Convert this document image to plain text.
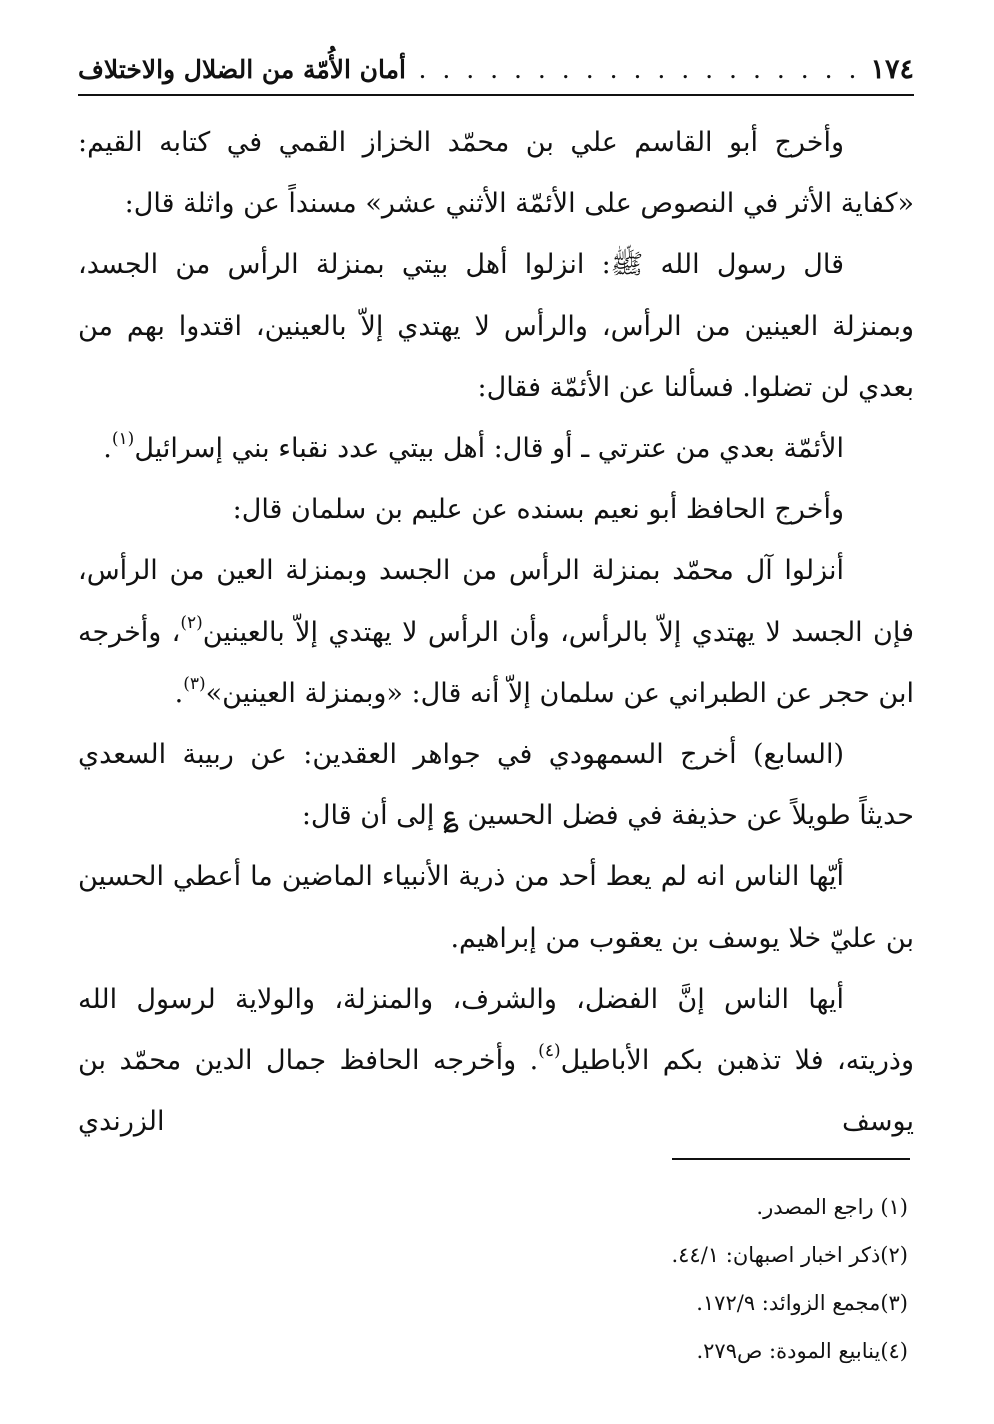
١٧٤
. . .
أمان الأُمّة من الضلال والاختلاف

وأخرج أبو القاسم علي بن محمّد الخزاز القمي في كتابه القيم: «كفاية الأثر في النصوص على الأئمّة الأثني عشر» مسنداً عن واثلة قال:

قال رسول الله ﷺ: انزلوا أهل بيتي بمنزلة الرأس من الجسد، وبمنزلة العينين من الرأس، والرأس لا يهتدي إلاّ بالعينين، اقتدوا بهم من بعدي لن تضلوا. فسألنا عن الأئمّة فقال:

الأئمّة بعدي من عترتي ـ أو قال: أهل بيتي عدد نقباء بني إسرائيل$^{(١)}$.

وأخرج الحافظ أبو نعيم بسنده عن عليم بن سلمان قال:

أنزلوا آل محمّد بمنزلة الرأس من الجسد وبمنزلة العين من الرأس، فإن الجسد لا يهتدي إلاّ بالرأس، وأن الرأس لا يهتدي إلاّ بالعينين$^{(٢)}$، وأخرجه ابن حجر عن الطبراني عن سلمان إلاّ أنه قال: «وبمنزلة العينين»$^{(٣)}$.

(السابع) أخرج السمهودي في جواهر العقدين: عن ربيبة السعدي حديثاً طويلاً عن حذيفة في فضل الحسين ؏ إلى أن قال:

أيّها الناس انه لم يعط أحد من ذرية الأنبياء الماضين ما أعطي الحسين بن عليّ خلا يوسف بن يعقوب من إبراهيم.

أيها الناس إنَّ الفضل، والشرف، والمنزلة، والولاية لرسول الله وذريته، فلا تذهبن بكم الأباطيل$^{(٤)}$. وأخرجه الحافظ جمال الدين محمّد بن يوسف الزرندي

(١) راجع المصدر.
(٢)ذكر اخبار اصبهان: ٤٤/١.
(٣)مجمع الزوائد: ١٧٢/٩.
(٤)ينابيع المودة: ص٢٧٩.
